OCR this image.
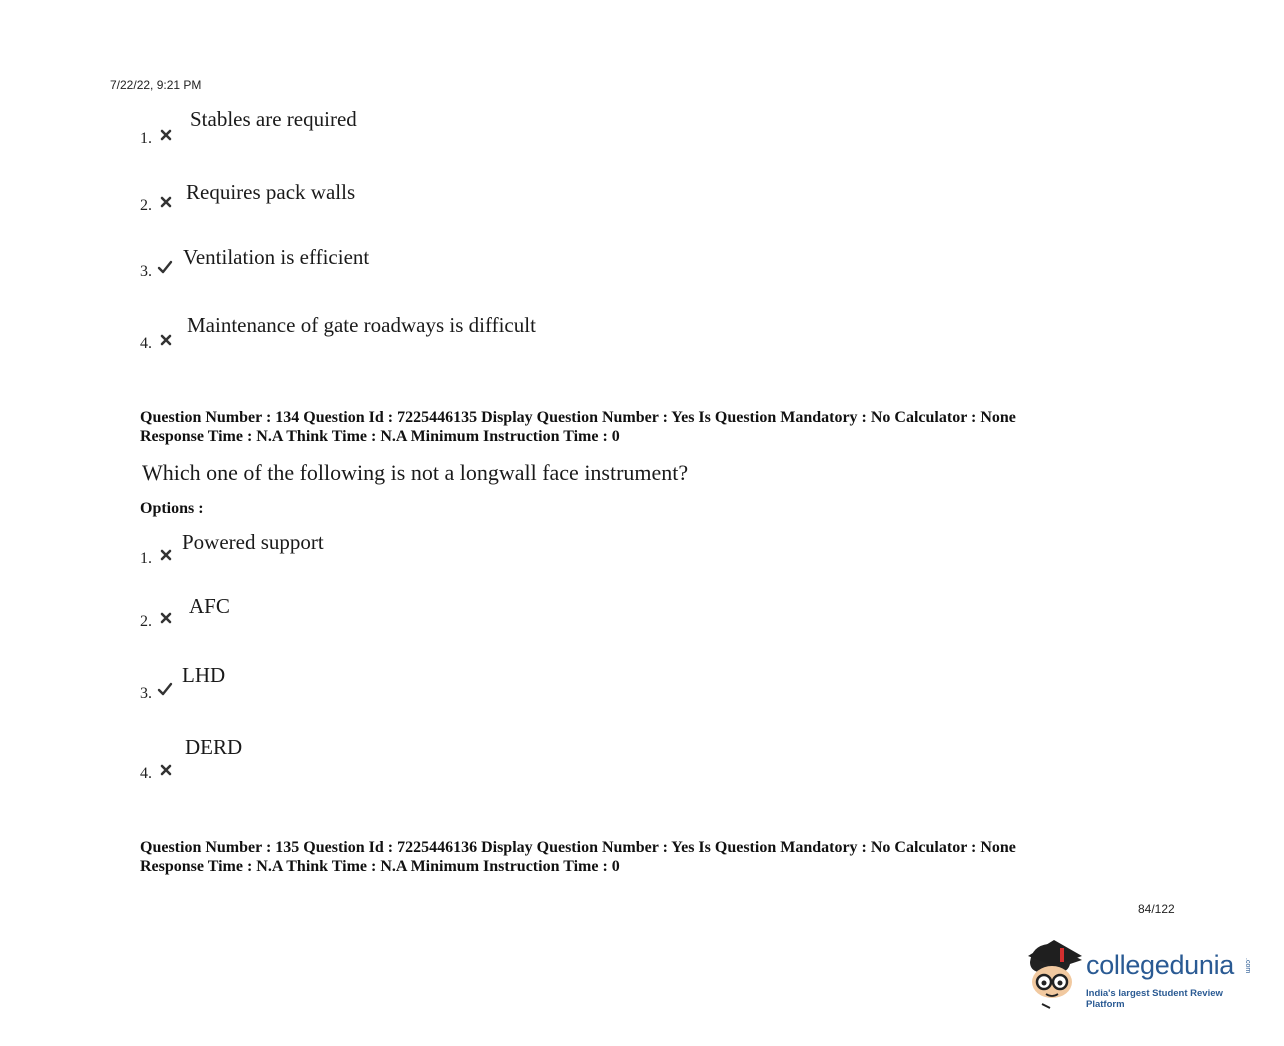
7/22/22, 9:21 PM
1.
Stables are required
2.
Requires pack walls
3.
Ventilation is efficient
4.
Maintenance of gate roadways is difficult
Question Number : 134 Question Id : 7225446135 Display Question Number : Yes Is Question Mandatory : No Calculator : None
Response Time : N.A Think Time : N.A Minimum Instruction Time : 0
Which one of the following is not a longwall face instrument?
Options :
1.
Powered support
2.
AFC
3.
LHD
4.
DERD
Question Number : 135 Question Id : 7225446136 Display Question Number : Yes Is Question Mandatory : No Calculator : None
Response Time : N.A Think Time : N.A Minimum Instruction Time : 0
84/122
collegedunia .com
India's largest Student Review Platform
